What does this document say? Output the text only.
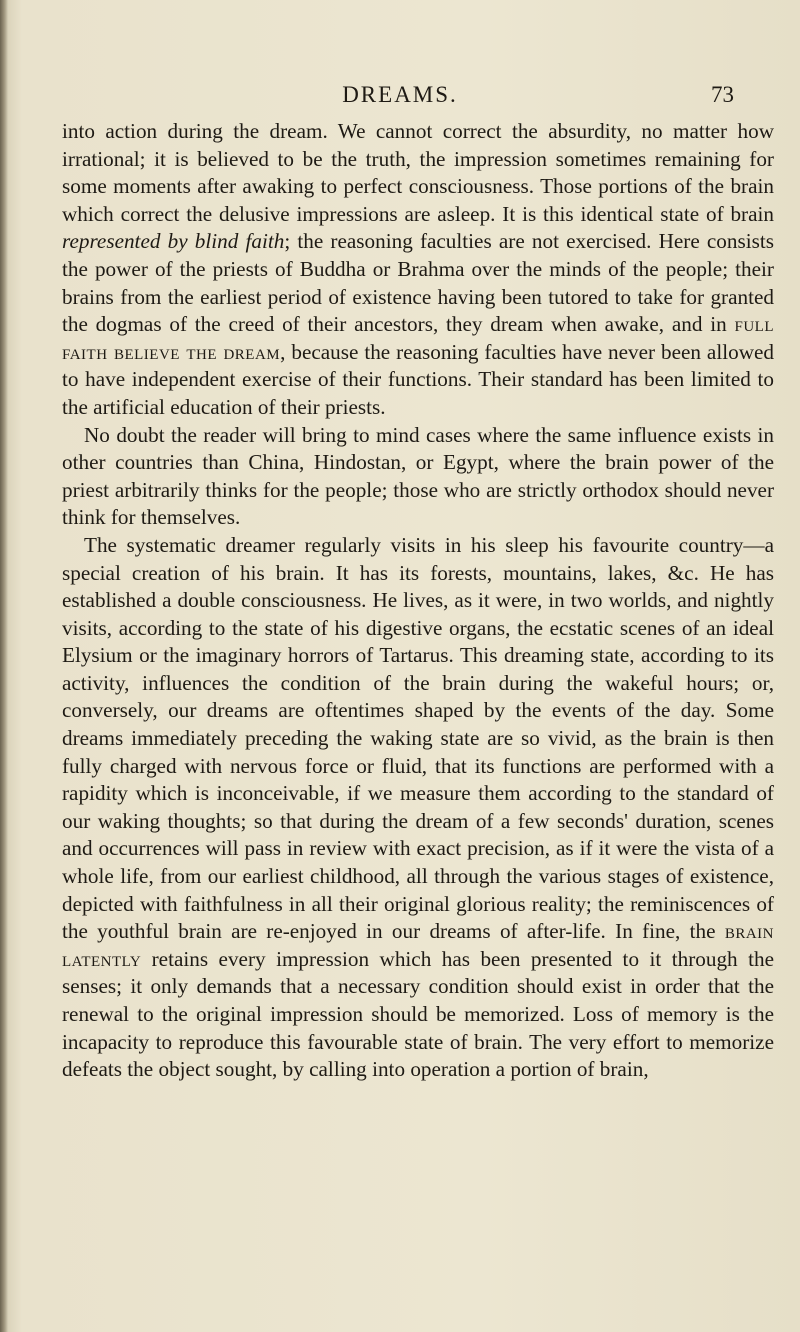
DREAMS.	73

into action during the dream. We cannot correct the absurdity, no matter how irrational; it is believed to be the truth, the impression sometimes remaining for some moments after awaking to perfect consciousness. Those portions of the brain which correct the delusive impressions are asleep. It is this identical state of brain represented by blind faith; the reasoning faculties are not exercised. Here consists the power of the priests of Buddha or Brahma over the minds of the people; their brains from the earliest period of existence having been tutored to take for granted the dogmas of the creed of their ancestors, they dream when awake, and in full faith believe the dream, because the reasoning faculties have never been allowed to have independent exercise of their functions. Their standard has been limited to the artificial education of their priests.

No doubt the reader will bring to mind cases where the same influence exists in other countries than China, Hindostan, or Egypt, where the brain power of the priest arbitrarily thinks for the people; those who are strictly orthodox should never think for themselves.

The systematic dreamer regularly visits in his sleep his favourite country—a special creation of his brain. It has its forests, mountains, lakes, &c. He has established a double consciousness. He lives, as it were, in two worlds, and nightly visits, according to the state of his digestive organs, the ecstatic scenes of an ideal Elysium or the imaginary horrors of Tartarus. This dreaming state, according to its activity, influences the condition of the brain during the wakeful hours; or, conversely, our dreams are oftentimes shaped by the events of the day. Some dreams immediately preceding the waking state are so vivid, as the brain is then fully charged with nervous force or fluid, that its functions are performed with a rapidity which is inconceivable, if we measure them according to the standard of our waking thoughts; so that during the dream of a few seconds' duration, scenes and occurrences will pass in review with exact precision, as if it were the vista of a whole life, from our earliest childhood, all through the various stages of existence, depicted with faithfulness in all their original glorious reality; the reminiscences of the youthful brain are re-enjoyed in our dreams of after-life. In fine, the brain latently retains every impression which has been presented to it through the senses; it only demands that a necessary condition should exist in order that the renewal to the original impression should be memorized. Loss of memory is the incapacity to reproduce this favourable state of brain. The very effort to memorize defeats the object sought, by calling into operation a portion of brain,
